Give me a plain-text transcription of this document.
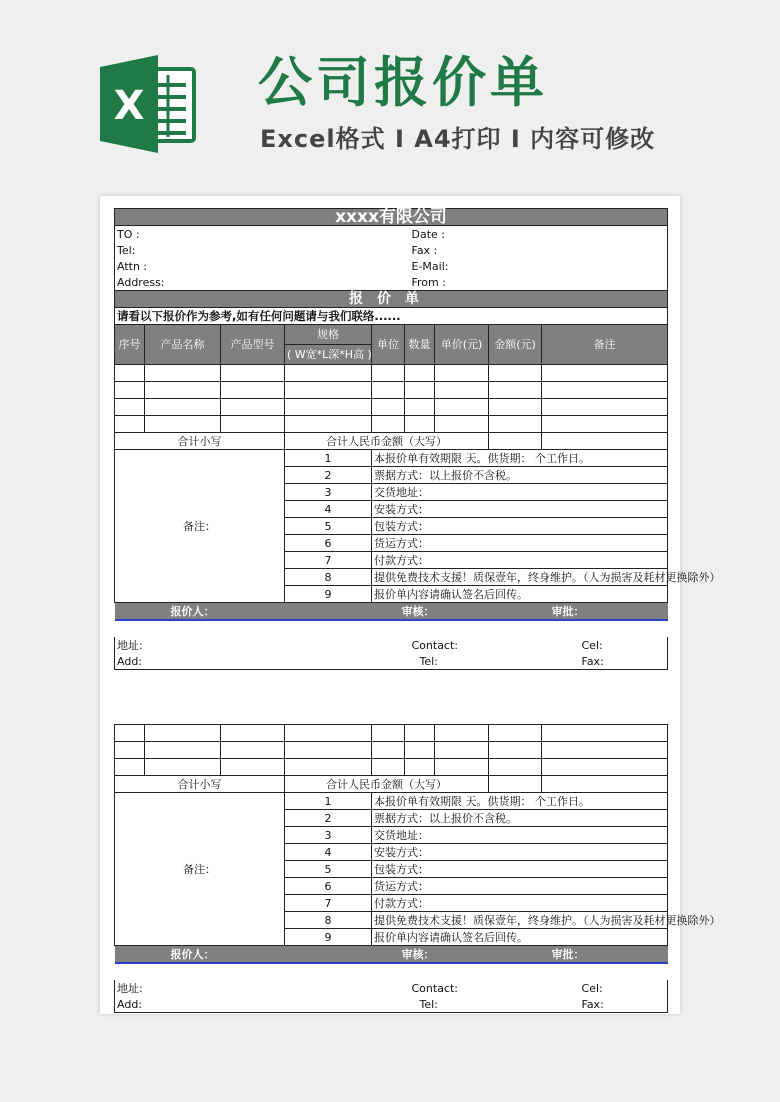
X 公司报价单
Excel格式 I A4打印 I 内容可修改
xxxx有限公司								
TO :				Date :				
Tel:				Fax :				
Attn :				E-Mail:				
Address:				From :				
报价单								
请看以下报价作为参考,如有任何问题请与我们联络......								
序号	产品名称	产品型号	规格	单位	数量	单价(元)	金额(元)	备注
			( W宽*L深*H高 )					

合计小写			合计人民币金额（大写）					
备注：			1	本报价单有效期限 天。供货期： 个工作日。				
			2	票据方式：以上报价不含税。				
			3	交货地址：				
			4	安装方式：				
			5	包装方式：				
			6	货运方式：				
			7	付款方式：				
			8	提供免费技术支援！质保壹年，终身维护。（人为损害及耗材更换除外）				
			9	报价单内容请确认签名后回传。				
报价人：				审核：				审批：

地址:				Contact:				Cel:
Add:				Tel:				Fax:

合计小写			合计人民币金额（大写）					
备注：			1	本报价单有效期限 天。供货期： 个工作日。				
			2	票据方式：以上报价不含税。				
			3	交货地址：				
			4	安装方式：				
			5	包装方式：				
			6	货运方式：				
			7	付款方式：				
			8	提供免费技术支援！质保壹年，终身维护。（人为损害及耗材更换除外）				
			9	报价单内容请确认签名后回传。				
报价人：				审核：				审批：

地址:				Contact:				Cel:
Add:				Tel:				Fax:
